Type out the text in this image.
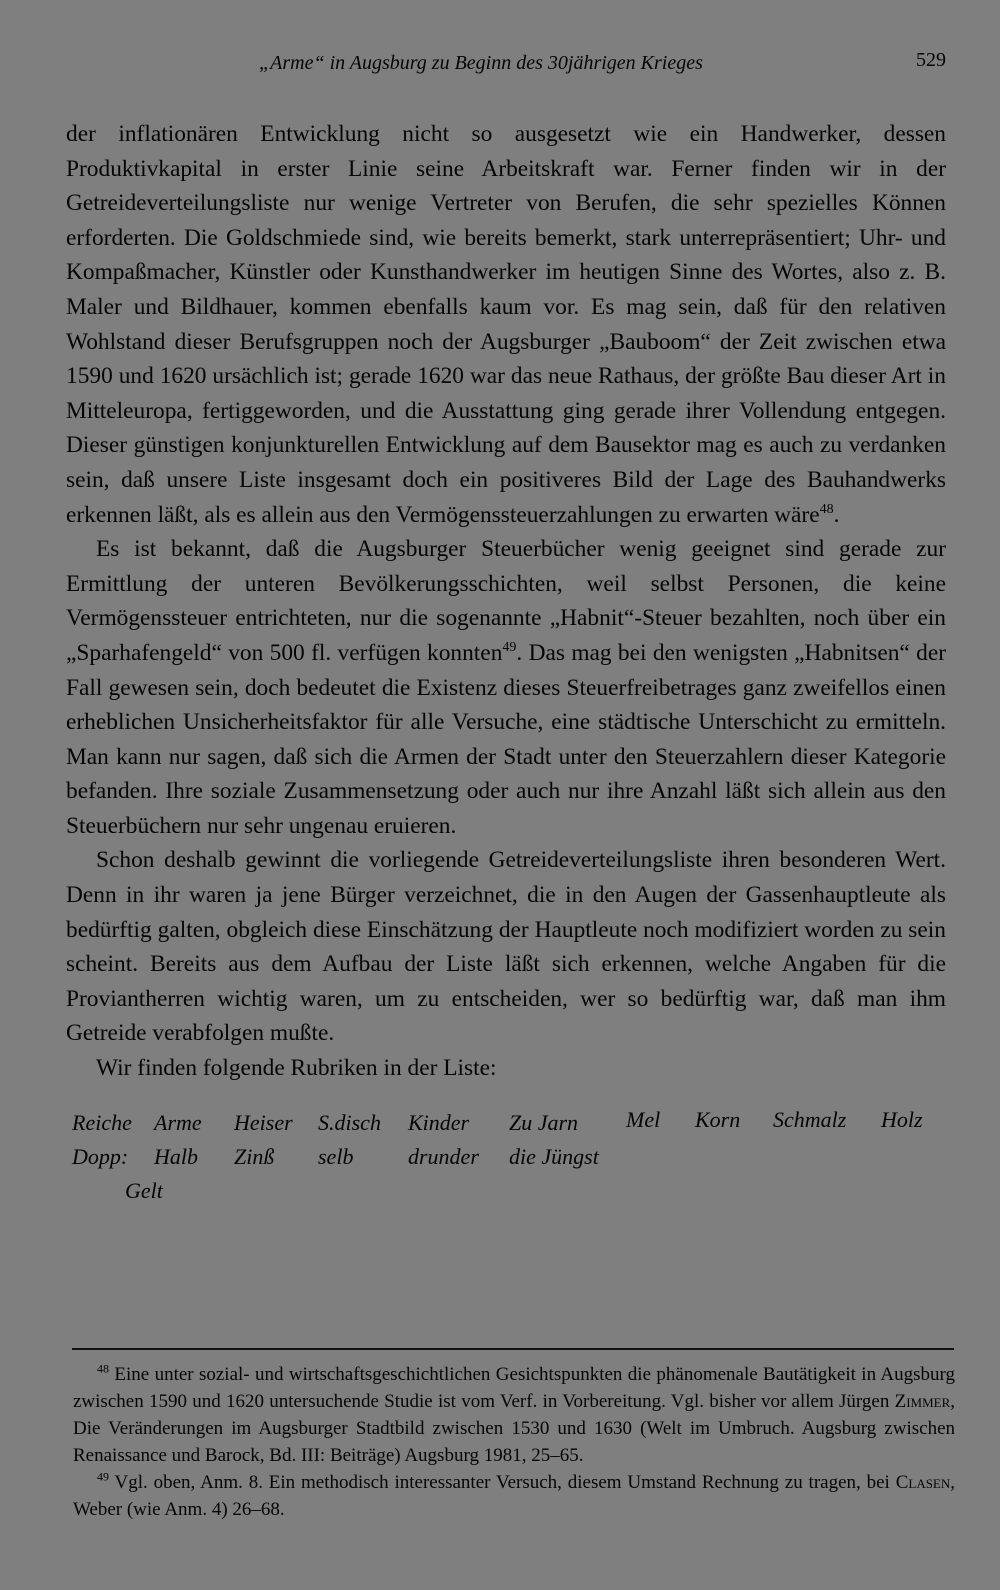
„Arme“ in Augsburg zu Beginn des 30jährigen Krieges	529

der inflationären Entwicklung nicht so ausgesetzt wie ein Handwerker, dessen Produktivkapital in erster Linie seine Arbeitskraft war. Ferner finden wir in der Getreideverteilungsliste nur wenige Vertreter von Berufen, die sehr spezielles Können erforderten. Die Goldschmiede sind, wie bereits bemerkt, stark unterrepräsentiert; Uhr- und Kompaßmacher, Künstler oder Kunsthandwerker im heutigen Sinne des Wortes, also z. B. Maler und Bildhauer, kommen ebenfalls kaum vor. Es mag sein, daß für den relativen Wohlstand dieser Berufsgruppen noch der Augsburger „Bauboom“ der Zeit zwischen etwa 1590 und 1620 ursächlich ist; gerade 1620 war das neue Rathaus, der größte Bau dieser Art in Mitteleuropa, fertiggeworden, und die Ausstattung ging gerade ihrer Vollendung entgegen. Dieser günstigen konjunkturellen Entwicklung auf dem Bausektor mag es auch zu verdanken sein, daß unsere Liste insgesamt doch ein positiveres Bild der Lage des Bauhandwerks erkennen läßt, als es allein aus den Vermögenssteuerzahlungen zu erwarten wäre$^{48}$.

Es ist bekannt, daß die Augsburger Steuerbücher wenig geeignet sind gerade zur Ermittlung der unteren Bevölkerungsschichten, weil selbst Personen, die keine Vermögenssteuer entrichteten, nur die sogenannte „Habnit“-Steuer bezahlten, noch über ein „Sparhafengeld“ von 500 fl. verfügen konnten$^{49}$. Das mag bei den wenigsten „Habnitsen“ der Fall gewesen sein, doch bedeutet die Existenz dieses Steuerfreibetrages ganz zweifellos einen erheblichen Unsicherheitsfaktor für alle Versuche, eine städtische Unterschicht zu ermitteln. Man kann nur sagen, daß sich die Armen der Stadt unter den Steuerzahlern dieser Kategorie befanden. Ihre soziale Zusammensetzung oder auch nur ihre Anzahl läßt sich allein aus den Steuerbüchern nur sehr ungenau eruieren.

Schon deshalb gewinnt die vorliegende Getreideverteilungsliste ihren besonderen Wert. Denn in ihr waren ja jene Bürger verzeichnet, die in den Augen der Gassenhauptleute als bedürftig galten, obgleich diese Einschätzung der Hauptleute noch modifiziert worden zu sein scheint. Bereits aus dem Aufbau der Liste läßt sich erkennen, welche Angaben für die Proviantherren wichtig waren, um zu entscheiden, wer so bedürftig war, daß man ihm Getreide verabfolgen mußte.

Wir finden folgende Rubriken in der Liste:

Reiche
Dopp:
Arme
Halb
Gelt
Heiser
Zinß
S.disch
selb
Kinder
drunder
Zu Jarn
die Jüngst
Mel Korn Schmalz Holz

$^{48}$ Eine unter sozial- und wirtschaftsgeschichtlichen Gesichtspunkten die phänomenale Bautätigkeit in Augsburg zwischen 1590 und 1620 untersuchende Studie ist vom Verf. in Vorbereitung. Vgl. bisher vor allem Jürgen Zimmer, Die Veränderungen im Augsburger Stadtbild zwischen 1530 und 1630 (Welt im Umbruch. Augsburg zwischen Renaissance und Barock, Bd. III: Beiträge) Augsburg 1981, 25–65.

$^{49}$ Vgl. oben, Anm. 8. Ein methodisch interessanter Versuch, diesem Umstand Rechnung zu tragen, bei Clasen, Weber (wie Anm. 4) 26–68.
